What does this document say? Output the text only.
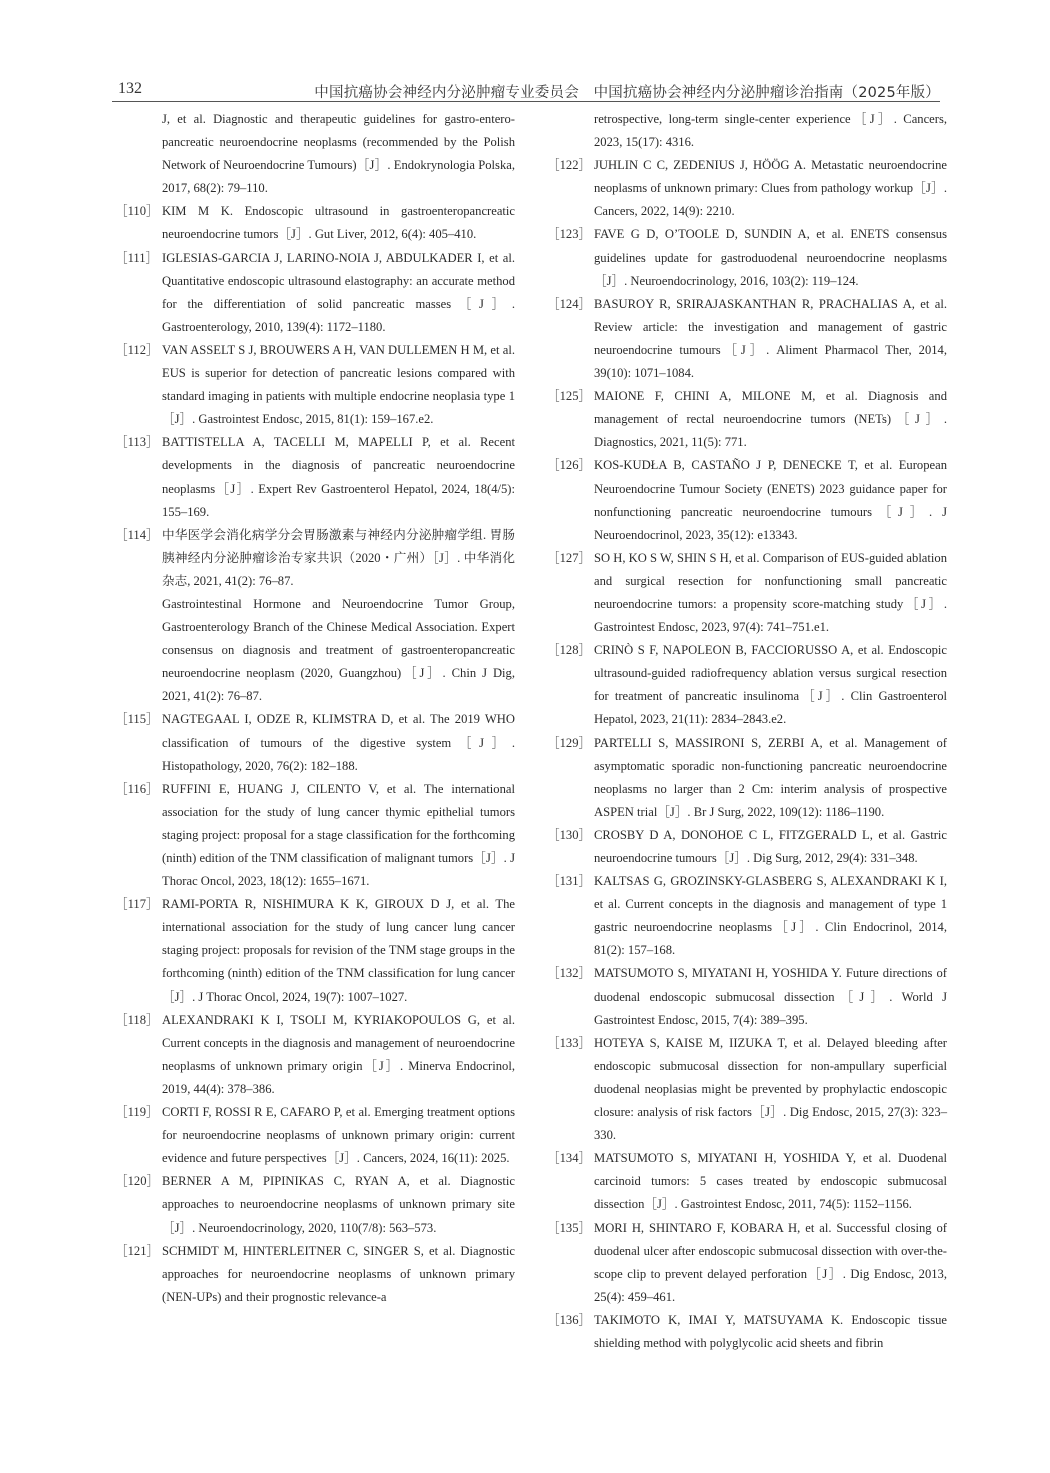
132	中国抗癌协会神经内分泌肿瘤专业委员会　中国抗癌协会神经内分泌肿瘤诊治指南（2025年版）
J, et al. Diagnostic and therapeutic guidelines for gastro-entero-pancreatic neuroendocrine neoplasms (recommended by the Polish Network of Neuroendocrine Tumours)［J］. Endokrynologia Polska, 2017, 68(2): 79–110.
［110］ KIM M K. Endoscopic ultrasound in gastroenteropancreatic neuroendocrine tumors［J］. Gut Liver, 2012, 6(4): 405–410.
［111］ IGLESIAS-GARCIA J, LARINO-NOIA J, ABDULKADER I, et al. Quantitative endoscopic ultrasound elastography: an accurate method for the differentiation of solid pancreatic masses［J］. Gastroenterology, 2010, 139(4): 1172–1180.
［112］ VAN ASSELT S J, BROUWERS A H, VAN DULLEMEN H M, et al. EUS is superior for detection of pancreatic lesions compared with standard imaging in patients with multiple endocrine neoplasia type 1［J］. Gastrointest Endosc, 2015, 81(1): 159–167.e2.
［113］ BATTISTELLA A, TACELLI M, MAPELLI P, et al. Recent developments in the diagnosis of pancreatic neuroendocrine neoplasms［J］. Expert Rev Gastroenterol Hepatol, 2024, 18(4/5): 155–169.
［114］ 中华医学会消化病学分会胃肠激素与神经内分泌肿瘤学组. 胃肠胰神经内分泌肿瘤诊治专家共识（2020・广州）［J］. 中华消化杂志, 2021, 41(2): 76–87.
Gastrointestinal Hormone and Neuroendocrine Tumor Group, Gastroenterology Branch of the Chinese Medical Association. Expert consensus on diagnosis and treatment of gastroenteropancreatic neuroendocrine neoplasm (2020, Guangzhou)［J］. Chin J Dig, 2021, 41(2): 76–87.
［115］ NAGTEGAAL I, ODZE R, KLIMSTRA D, et al. The 2019 WHO classification of tumours of the digestive system［J］. Histopathology, 2020, 76(2): 182–188.
［116］ RUFFINI E, HUANG J, CILENTO V, et al. The international association for the study of lung cancer thymic epithelial tumors staging project: proposal for a stage classification for the forthcoming (ninth) edition of the TNM classification of malignant tumors［J］. J Thorac Oncol, 2023, 18(12): 1655–1671.
［117］ RAMI-PORTA R, NISHIMURA K K, GIROUX D J, et al. The international association for the study of lung cancer lung cancer staging project: proposals for revision of the TNM stage groups in the forthcoming (ninth) edition of the TNM classification for lung cancer［J］. J Thorac Oncol, 2024, 19(7): 1007–1027.
［118］ ALEXANDRAKI K I, TSOLI M, KYRIAKOPOULOS G, et al. Current concepts in the diagnosis and management of neuroendocrine neoplasms of unknown primary origin［J］. Minerva Endocrinol, 2019, 44(4): 378–386.
［119］ CORTI F, ROSSI R E, CAFARO P, et al. Emerging treatment options for neuroendocrine neoplasms of unknown primary origin: current evidence and future perspectives［J］. Cancers, 2024, 16(11): 2025.
［120］ BERNER A M, PIPINIKAS C, RYAN A, et al. Diagnostic approaches to neuroendocrine neoplasms of unknown primary site［J］. Neuroendocrinology, 2020, 110(7/8): 563–573.
［121］ SCHMIDT M, HINTERLEITNER C, SINGER S, et al. Diagnostic approaches for neuroendocrine neoplasms of unknown primary (NEN-UPs) and their prognostic relevance-a
retrospective, long-term single-center experience［J］. Cancers, 2023, 15(17): 4316.
［122］ JUHLIN C C, ZEDENIUS J, HÖÖG A. Metastatic neuroendocrine neoplasms of unknown primary: Clues from pathology workup［J］. Cancers, 2022, 14(9): 2210.
［123］ FAVE G D, O’TOOLE D, SUNDIN A, et al. ENETS consensus guidelines update for gastroduodenal neuroendocrine neoplasms［J］. Neuroendocrinology, 2016, 103(2): 119–124.
［124］ BASUROY R, SRIRAJASKANTHAN R, PRACHALIAS A, et al. Review article: the investigation and management of gastric neuroendocrine tumours［J］. Aliment Pharmacol Ther, 2014, 39(10): 1071–1084.
［125］ MAIONE F, CHINI A, MILONE M, et al. Diagnosis and management of rectal neuroendocrine tumors (NETs)［J］. Diagnostics, 2021, 11(5): 771.
［126］ KOS-KUDŁA B, CASTAÑO J P, DENECKE T, et al. European Neuroendocrine Tumour Society (ENETS) 2023 guidance paper for nonfunctioning pancreatic neuroendocrine tumours［J］. J Neuroendocrinol, 2023, 35(12): e13343.
［127］ SO H, KO S W, SHIN S H, et al. Comparison of EUS-guided ablation and surgical resection for nonfunctioning small pancreatic neuroendocrine tumors: a propensity score-matching study［J］. Gastrointest Endosc, 2023, 97(4): 741–751.e1.
［128］ CRINÒ S F, NAPOLEON B, FACCIORUSSO A, et al. Endoscopic ultrasound-guided radiofrequency ablation versus surgical resection for treatment of pancreatic insulinoma［J］. Clin Gastroenterol Hepatol, 2023, 21(11): 2834–2843.e2.
［129］ PARTELLI S, MASSIRONI S, ZERBI A, et al. Management of asymptomatic sporadic non-functioning pancreatic neuroendocrine neoplasms no larger than 2 Cm: interim analysis of prospective ASPEN trial［J］. Br J Surg, 2022, 109(12): 1186–1190.
［130］ CROSBY D A, DONOHOE C L, FITZGERALD L, et al. Gastric neuroendocrine tumours［J］. Dig Surg, 2012, 29(4): 331–348.
［131］ KALTSAS G, GROZINSKY-GLASBERG S, ALEXANDRAKI K I, et al. Current concepts in the diagnosis and management of type 1 gastric neuroendocrine neoplasms［J］. Clin Endocrinol, 2014, 81(2): 157–168.
［132］ MATSUMOTO S, MIYATANI H, YOSHIDA Y. Future directions of duodenal endoscopic submucosal dissection［J］. World J Gastrointest Endosc, 2015, 7(4): 389–395.
［133］ HOTEYA S, KAISE M, IIZUKA T, et al. Delayed bleeding after endoscopic submucosal dissection for non-ampullary superficial duodenal neoplasias might be prevented by prophylactic endoscopic closure: analysis of risk factors［J］. Dig Endosc, 2015, 27(3): 323–330.
［134］ MATSUMOTO S, MIYATANI H, YOSHIDA Y, et al. Duodenal carcinoid tumors: 5 cases treated by endoscopic submucosal dissection［J］. Gastrointest Endosc, 2011, 74(5): 1152–1156.
［135］ MORI H, SHINTARO F, KOBARA H, et al. Successful closing of duodenal ulcer after endoscopic submucosal dissection with over-the-scope clip to prevent delayed perforation［J］. Dig Endosc, 2013, 25(4): 459–461.
［136］ TAKIMOTO K, IMAI Y, MATSUYAMA K. Endoscopic tissue shielding method with polyglycolic acid sheets and fibrin
